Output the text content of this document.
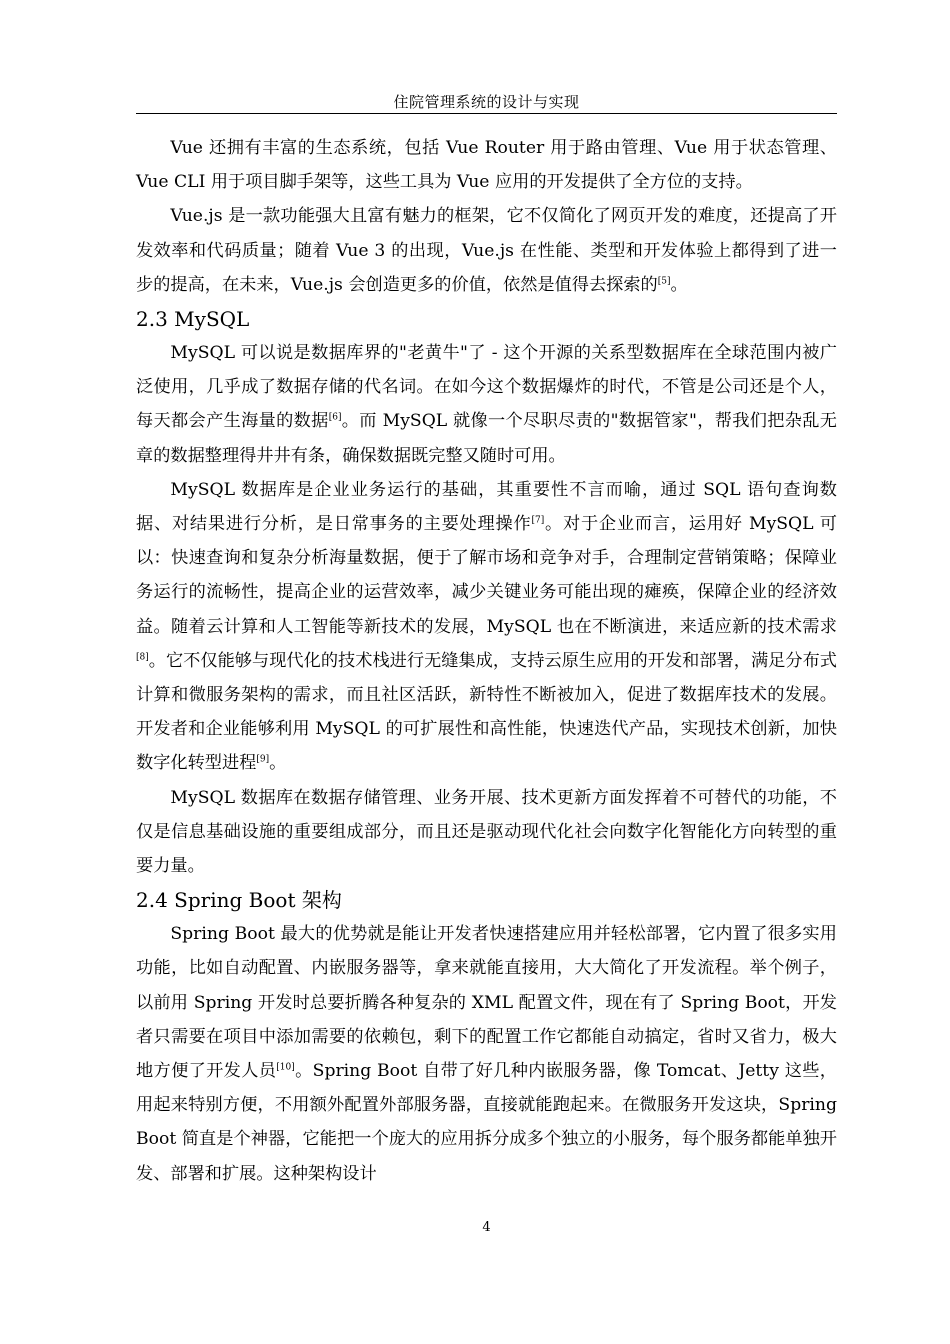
住院管理系统的设计与实现

Vue 还拥有丰富的生态系统，包括 Vue Router 用于路由管理、Vue 用于状态管理、Vue CLI 用于项目脚手架等，这些工具为 Vue 应用的开发提供了全方位的支持。

Vue.js 是一款功能强大且富有魅力的框架，它不仅简化了网页开发的难度，还提高了开发效率和代码质量；随着 Vue 3 的出现，Vue.js 在性能、类型和开发体验上都得到了进一步的提高，在未来，Vue.js 会创造更多的价值，依然是值得去探索的[5]。

2.3 MySQL

MySQL 可以说是数据库界的"老黄牛"了 - 这个开源的关系型数据库在全球范围内被广泛使用，几乎成了数据存储的代名词。在如今这个数据爆炸的时代，不管是公司还是个人，每天都会产生海量的数据[6]。而 MySQL 就像一个尽职尽责的"数据管家"，帮我们把杂乱无章的数据整理得井井有条，确保数据既完整又随时可用。

MySQL 数据库是企业业务运行的基础，其重要性不言而喻，通过 SQL 语句查询数据、对结果进行分析，是日常事务的主要处理操作[7]。对于企业而言，运用好 MySQL 可以：快速查询和复杂分析海量数据，便于了解市场和竞争对手，合理制定营销策略；保障业务运行的流畅性，提高企业的运营效率，减少关键业务可能出现的瘫痪，保障企业的经济效益。随着云计算和人工智能等新技术的发展，MySQL 也在不断演进，来适应新的技术需求[8]。它不仅能够与现代化的技术栈进行无缝集成，支持云原生应用的开发和部署，满足分布式计算和微服务架构的需求，而且社区活跃，新特性不断被加入，促进了数据库技术的发展。开发者和企业能够利用 MySQL 的可扩展性和高性能，快速迭代产品，实现技术创新，加快数字化转型进程[9]。

MySQL 数据库在数据存储管理、业务开展、技术更新方面发挥着不可替代的功能，不仅是信息基础设施的重要组成部分，而且还是驱动现代化社会向数字化智能化方向转型的重要力量。

2.4 Spring Boot 架构

Spring Boot 最大的优势就是能让开发者快速搭建应用并轻松部署，它内置了很多实用功能，比如自动配置、内嵌服务器等，拿来就能直接用，大大简化了开发流程。举个例子，以前用 Spring 开发时总要折腾各种复杂的 XML 配置文件，现在有了 Spring Boot，开发者只需要在项目中添加需要的依赖包，剩下的配置工作它都能自动搞定，省时又省力，极大地方便了开发人员[10]。Spring Boot 自带了好几种内嵌服务器，像 Tomcat、Jetty 这些，用起来特别方便，不用额外配置外部服务器，直接就能跑起来。在微服务开发这块，Spring Boot 简直是个神器，它能把一个庞大的应用拆分成多个独立的小服务，每个服务都能单独开发、部署和扩展。这种架构设计

4
